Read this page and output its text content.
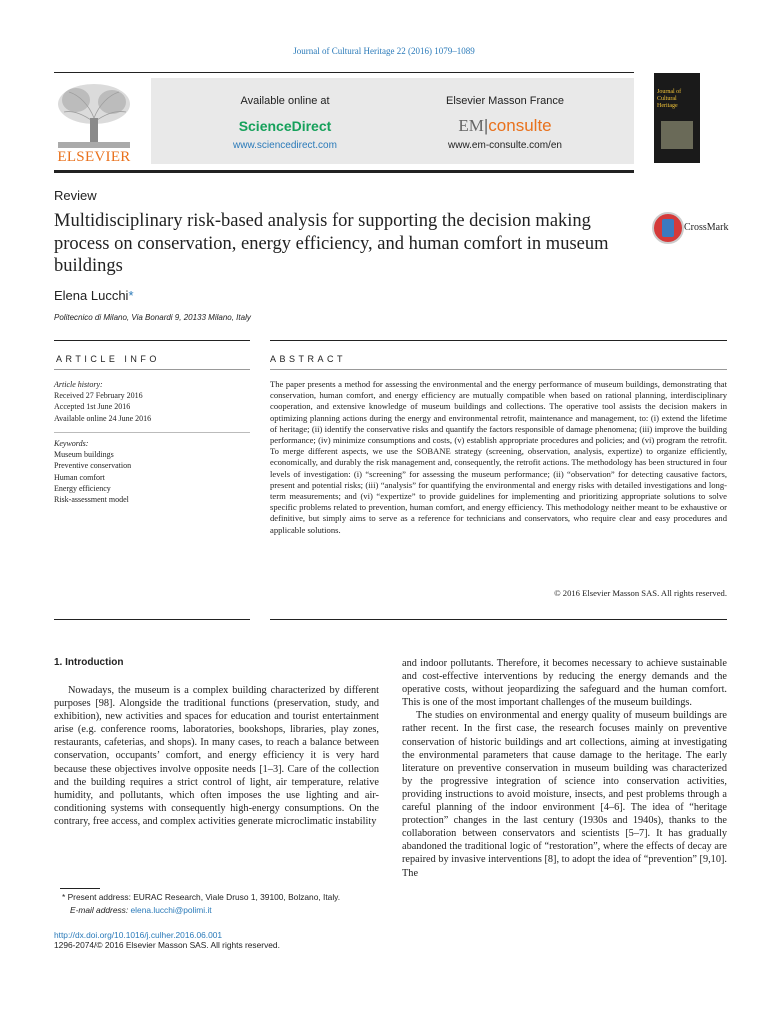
Journal of Cultural Heritage 22 (2016) 1079–1089
ELSEVIER
Available online at
ScienceDirect
www.sciencedirect.com
Elsevier Masson France
EM|consulte
www.em-consulte.com/en
Journal of Cultural Heritage
Review
Multidisciplinary risk-based analysis for supporting the decision making process on conservation, energy efficiency, and human comfort in museum buildings
CrossMark
Elena Lucchi*
Politecnico di Milano, Via Bonardi 9, 20133 Milano, Italy
ARTICLE INFO	ABSTRACT
Article history:
Received 27 February 2016
Accepted 1st June 2016
Available online 24 June 2016
Keywords:
Museum buildings
Preventive conservation
Human comfort
Energy efficiency
Risk-assessment model
The paper presents a method for assessing the environmental and the energy performance of museum buildings, demonstrating that conservation, human comfort, and energy efficiency are mutually compatible when based on rational planning, interdisciplinary cooperation, and extensive knowledge of museum buildings and collections. The operative tool assists the decision makers in optimizing planning actions during the energy and environmental retrofit, maintenance and management, to: (i) extend the lifetime of heritage; (ii) identify the conservative risks and quantify the factors responsible of damage phenomena; (iii) improve the building performance; (iv) minimize consumptions and costs, (v) establish appropriate procedures and policies; and (vi) program the retrofit. To merge different aspects, we use the SOBANE strategy (screening, observation, analysis, expertize) to organize efficiently, economically, and durably the risk management and, consequently, the retrofit actions. The methodology has been structured in four levels of investigation: (i) “screening” for assessing the museum performance; (ii) “observation” for detecting causative factors, present and potential risks; (iii) “analysis” for quantifying the environmental and energy risks with detailed investigations and long-term measurements; and (vi) “expertize” to provide guidelines for implementing and prioritizing appropriate solutions to solve specific problems related to prevention, human comfort, and energy efficiency. This methodology neither meant to be exhaustive or definitive, but simply aims to serve as a reference for technicians and conservators, who require clear and easy procedures and applicable solutions.
© 2016 Elsevier Masson SAS. All rights reserved.
1. Introduction

Nowadays, the museum is a complex building characterized by different purposes [98]. Alongside the traditional functions (preservation, study, and exhibition), new activities and spaces for education and tourist entertainment arise (e.g. conference rooms, laboratories, bookshops, libraries, play zones, restaurants, cafeterias, and shops). In many cases, to reach a balance between conservation, occupants’ comfort, and energy efficiency it is very hard because these objectives involve opposite needs [1–3]. Care of the collection and the building requires a strict control of light, air temperature, relative humidity, and pollutants, which often imposes the use lighting and air-conditioning systems with consequently high-energy consumptions. On the contrary, free access, and complex activities generate microclimatic instability

and indoor pollutants. Therefore, it becomes necessary to achieve sustainable and cost-effective interventions by reducing the energy demands and the operative costs, without jeopardizing the safeguard and the human comfort. This is one of the most important challenges of the museum buildings.

The studies on environmental and energy quality of museum buildings are rather recent. In the first case, the research focuses mainly on preventive conservation of historic buildings and art collections, aiming at investigating the environmental parameters that cause damage to the heritage. The early literature on preventive conservation in museum building was characterized by the progressive integration of science into conservation activities, providing instructions to avoid moisture, insects, and pest problems through a careful planning of the indoor environment [4–6]. The idea of “heritage protection” changes in the last century (1930s and 1940s), thanks to the collaboration between conservators and scientists [5–7]. It has gradually abandoned the traditional logic of “restoration”, where the effects of decay are repaired by invasive interventions [8], to adopt the idea of “prevention” [9,10]. The

* Present address: EURAC Research, Viale Druso 1, 39100, Bolzano, Italy.
E-mail address: elena.lucchi@polimi.it
http://dx.doi.org/10.1016/j.culher.2016.06.001
1296-2074/© 2016 Elsevier Masson SAS. All rights reserved.
